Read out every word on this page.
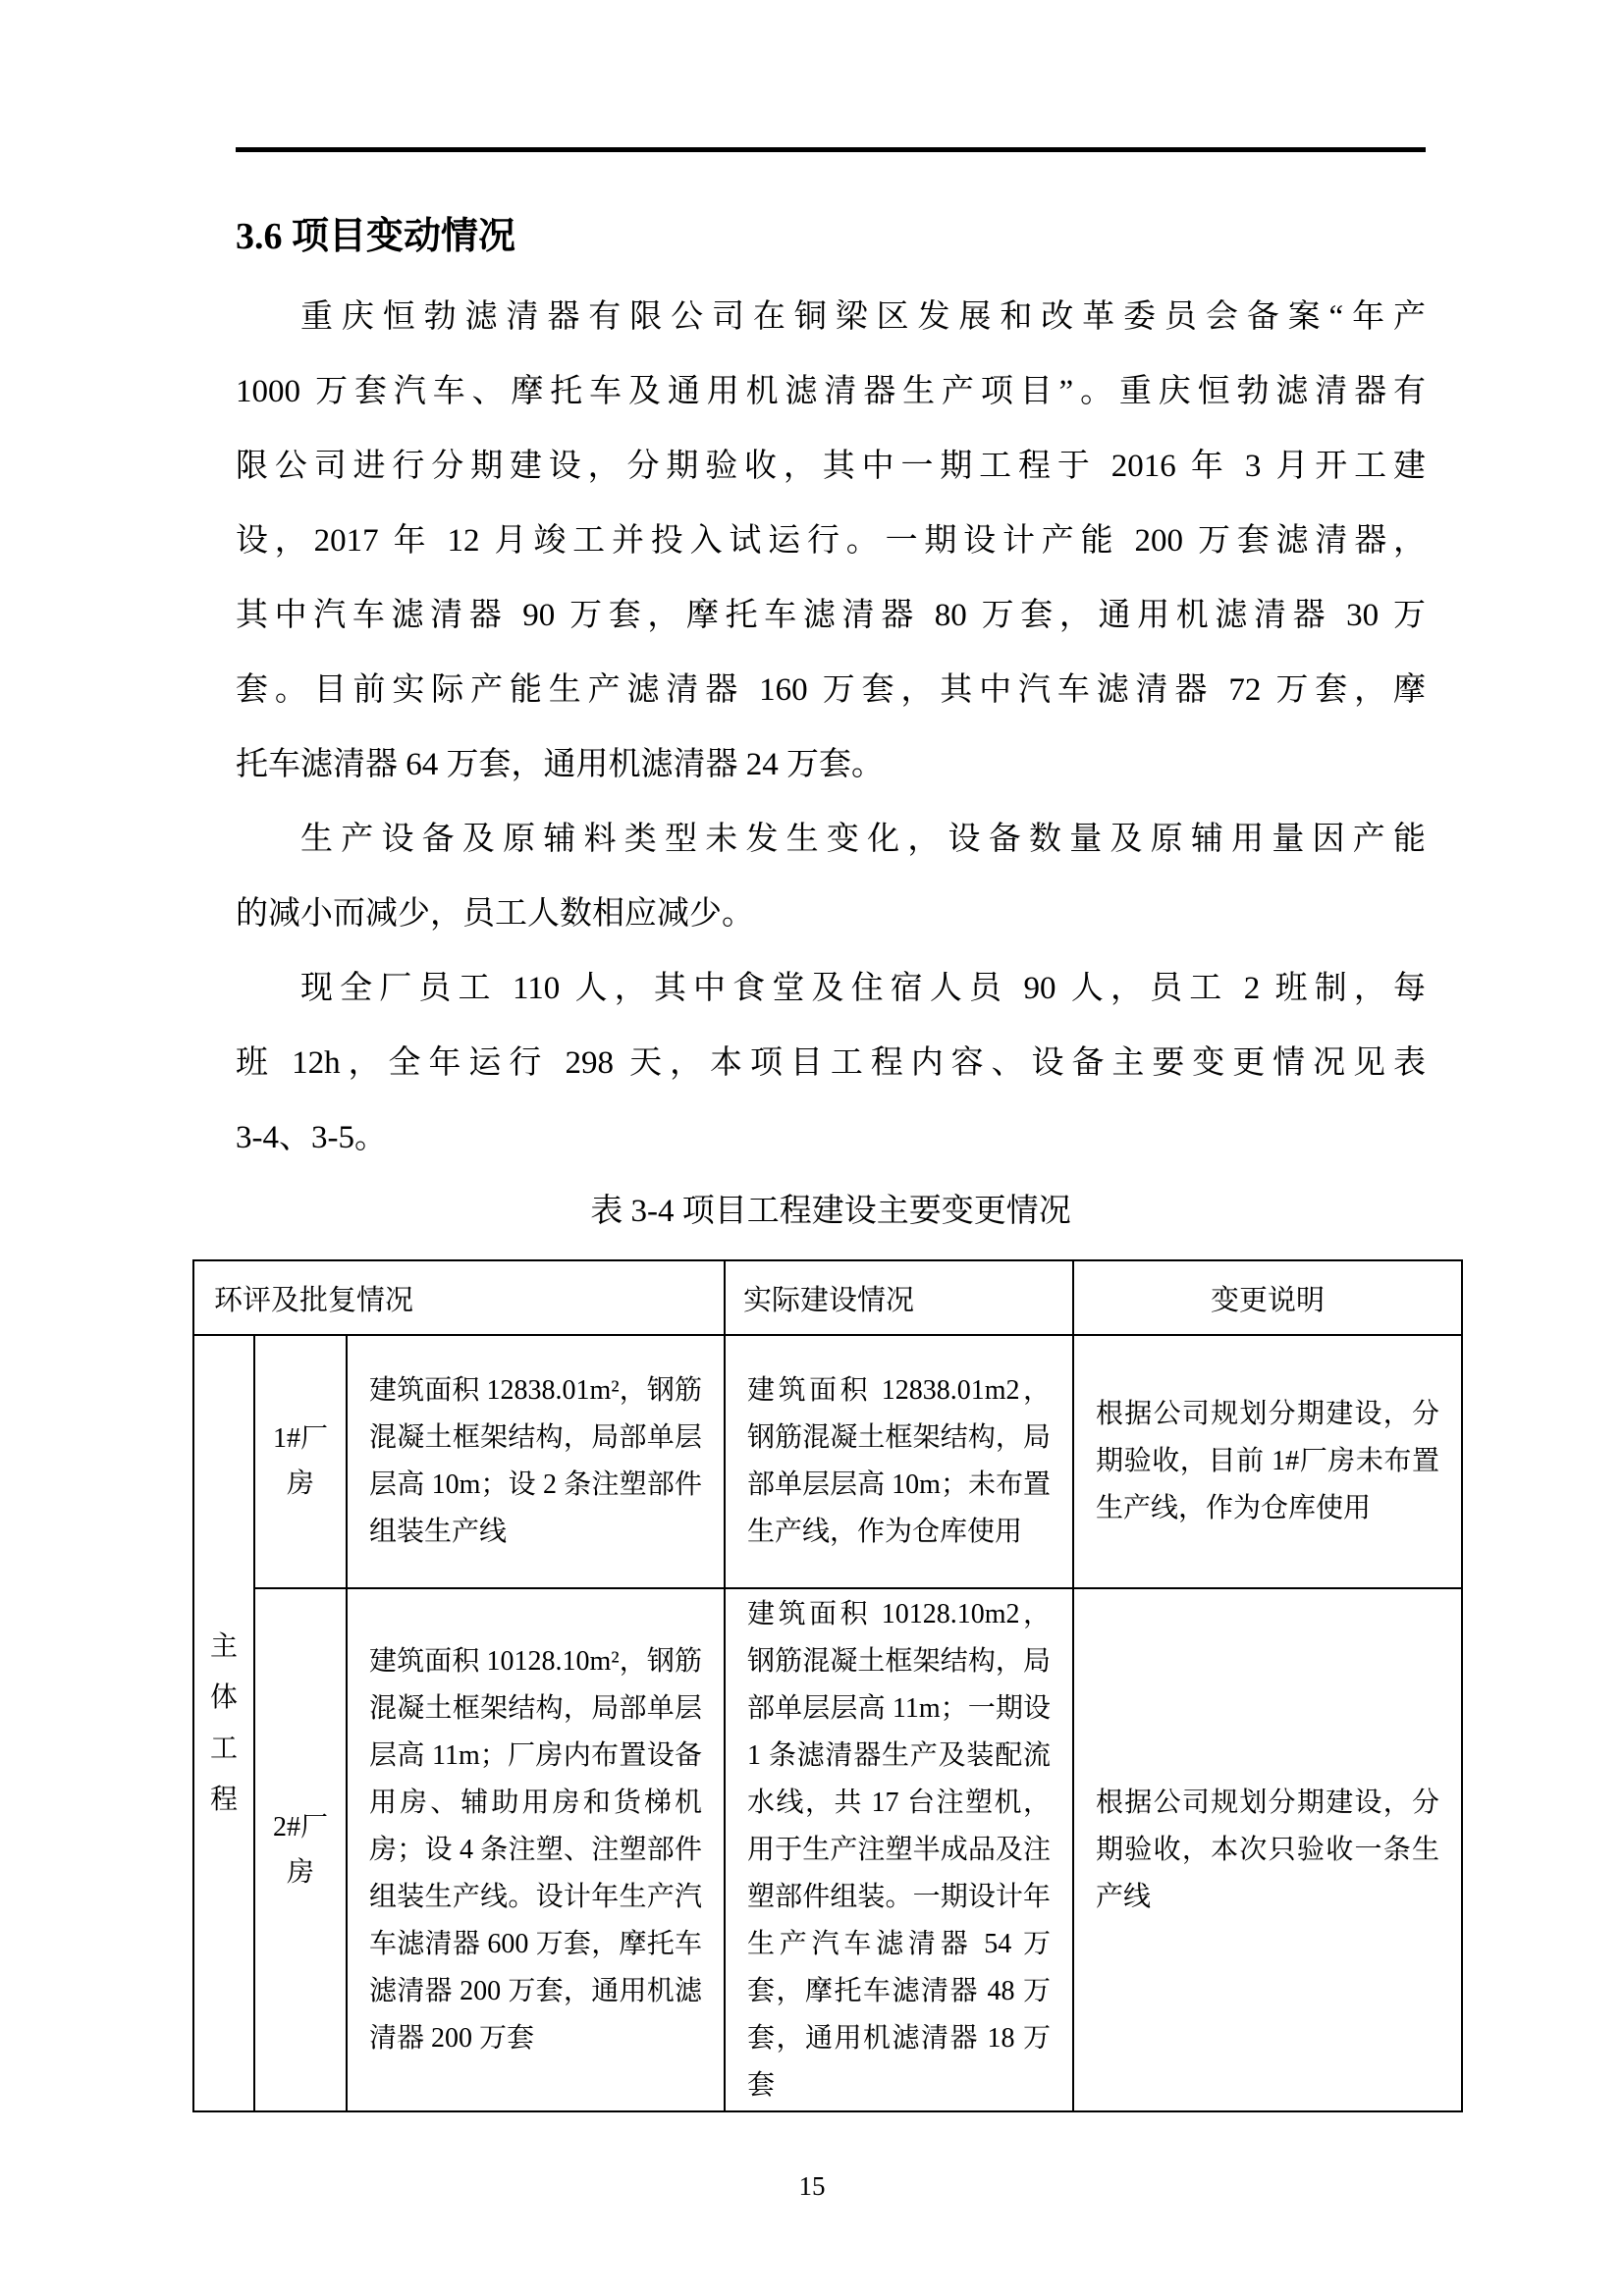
3.6 项目变动情况
重庆恒勃滤清器有限公司在铜梁区发展和改革委员会备案“年产
1000 万套汽车、摩托车及通用机滤清器生产项目”。重庆恒勃滤清器有
限公司进行分期建设，分期验收，其中一期工程于 2016 年 3 月开工建
设，2017 年 12 月竣工并投入试运行。一期设计产能 200 万套滤清器，
其中汽车滤清器 90 万套，摩托车滤清器 80 万套，通用机滤清器 30 万
套。目前实际产能生产滤清器 160 万套，其中汽车滤清器 72 万套，摩
托车滤清器 64 万套，通用机滤清器 24 万套。
生产设备及原辅料类型未发生变化，设备数量及原辅用量因产能
的减小而减少，员工人数相应减少。
现全厂员工 110 人，其中食堂及住宿人员 90 人，员工 2 班制，每
班 12h，全年运行 298 天，本项目工程内容、设备主要变更情况见表
3-4、3-5。
表 3-4 项目工程建设主要变更情况
环评及批复情况			实际建设情况	变更说明
主体工程	1#厂房	建筑面积 12838.01m²，钢筋混凝土框架结构，局部单层层高 10m；设 2 条注塑部件组装生产线	建筑面积 12838.01m2，钢筋混凝土框架结构，局部单层层高 10m；未布置生产线，作为仓库使用	根据公司规划分期建设，分期验收，目前 1#厂房未布置生产线，作为仓库使用
	2#厂房	建筑面积 10128.10m²，钢筋混凝土框架结构，局部单层层高 11m；厂房内布置设备用房、辅助用房和货梯机房；设 4 条注塑、注塑部件组装生产线。设计年生产汽车滤清器 600 万套，摩托车滤清器 200 万套，通用机滤清器 200 万套	建筑面积 10128.10m2，钢筋混凝土框架结构，局部单层层高 11m；一期设 1 条滤清器生产及装配流水线，共 17 台注塑机，用于生产注塑半成品及注塑部件组装。一期设计年生产汽车滤清器 54 万套，摩托车滤清器 48 万套，通用机滤清器 18 万套	根据公司规划分期建设，分期验收，本次只验收一条生产线
15
